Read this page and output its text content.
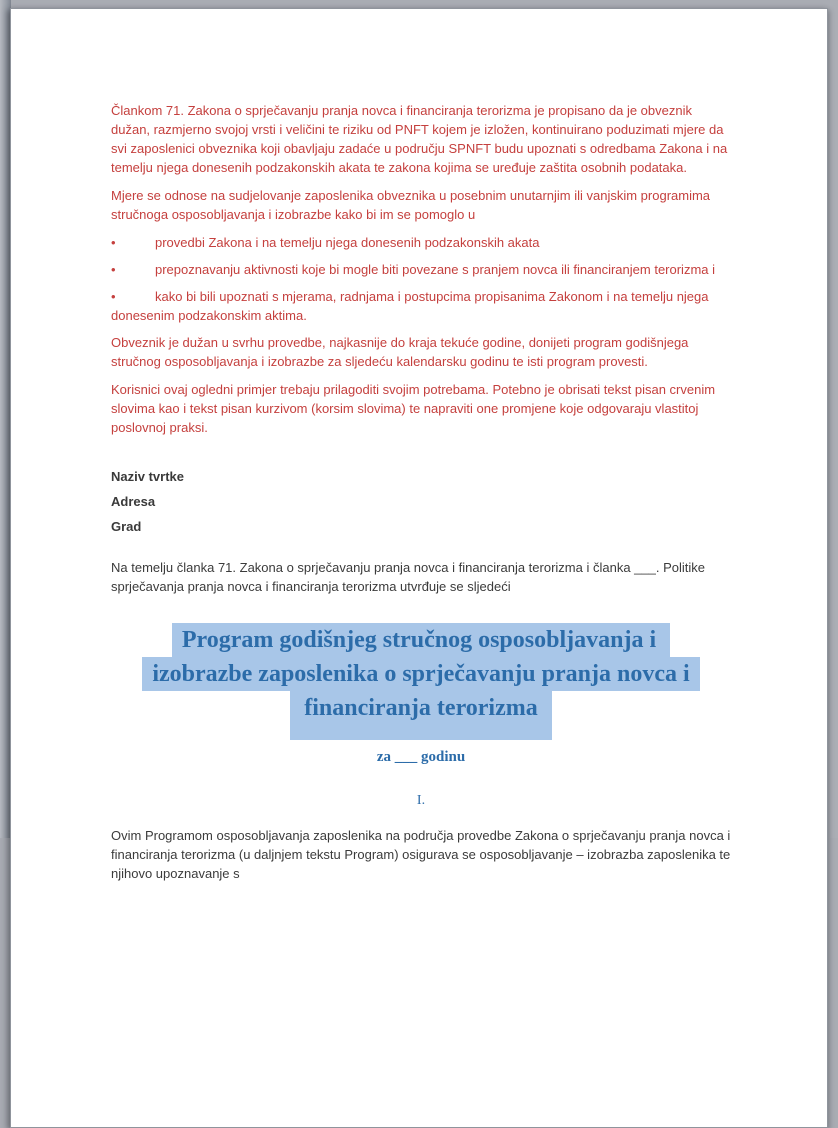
Člankom 71. Zakona o sprječavanju pranja novca i financiranja terorizma je propisano da je obveznik dužan, razmjerno svojoj vrsti i veličini te riziku od PNFT kojem je izložen, kontinuirano poduzimati mjere da svi zaposlenici obveznika koji obavljaju zadaće u području SPNFT budu upoznati s odredbama Zakona i na temelju njega donesenih podzakonskih akata te zakona kojima se uređuje zaštita osobnih podataka.

Mjere se odnose na sudjelovanje zaposlenika obveznika u posebnim unutarnjim ili vanjskim programima stručnoga osposobljavanja i izobrazbe kako bi im se pomoglo u

•	provedbi Zakona i na temelju njega donesenih podzakonskih akata

•	prepoznavanju aktivnosti koje bi mogle biti povezane s pranjem novca ili financiranjem terorizma i

•	kako bi bili upoznati s mjerama, radnjama i postupcima propisanima Zakonom i na temelju njega donesenim podzakonskim aktima.

Obveznik je dužan u svrhu provedbe, najkasnije do kraja tekuće godine, donijeti program godišnjega stručnog osposobljavanja i izobrazbe za sljedeću kalendarsku godinu te isti program provesti.

Korisnici ovaj ogledni primjer trebaju prilagoditi svojim potrebama. Potebno je obrisati tekst pisan crvenim slovima kao i tekst pisan kurzivom (korsim slovima) te napraviti one promjene koje odgovaraju vlastitoj poslovnoj praksi.

Naziv tvrtke

Adresa

Grad

Na temelju članka 71. Zakona o sprječavanju pranja novca i financiranja terorizma i članka ___. Politike sprječavanja pranja novca i financiranja terorizma utvrđuje se sljedeći

Program godišnjeg stručnog osposobljavanja i
izobrazbe zaposlenika o sprječavanju pranja novca i
financiranja terorizma
za ___ godinu
I.

Ovim Programom osposobljavanja zaposlenika na područja provedbe Zakona o sprječavanju pranja novca i financiranja terorizma (u daljnjem tekstu Program) osigurava se osposobljavanje – izobrazba zaposlenika te njihovo upoznavanje s
